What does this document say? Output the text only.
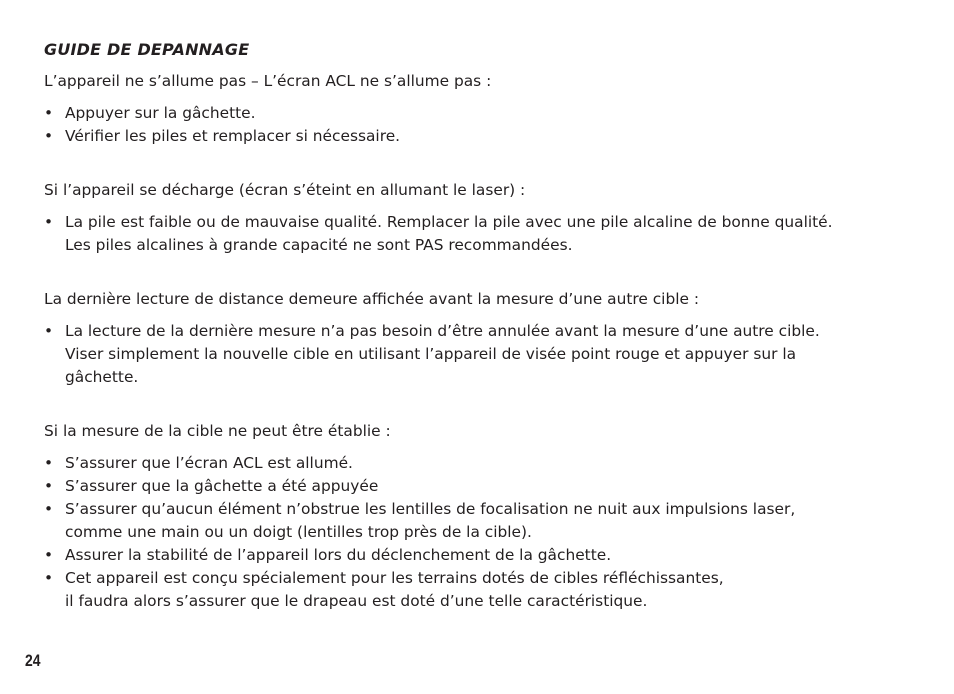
GUIDE DE DEPANNAGE
L’appareil ne s’allume pas – L’écran ACL ne s’allume pas :
• Appuyer sur la gâchette.
• Vérifier les piles et remplacer si nécessaire.
Si l’appareil se décharge (écran s’éteint en allumant le laser) :
• La pile est faible ou de mauvaise qualité. Remplacer la pile avec une pile alcaline de bonne qualité.
Les piles alcalines à grande capacité ne sont PAS recommandées.
La dernière lecture de distance demeure affichée avant la mesure d’une autre cible :
• La lecture de la dernière mesure n’a pas besoin d’être annulée avant la mesure d’une autre cible.
Viser simplement la nouvelle cible en utilisant l’appareil de visée point rouge et appuyer sur la
gâchette.
Si la mesure de la cible ne peut être établie :
• S’assurer que l’écran ACL est allumé.
• S’assurer que la gâchette a été appuyée
• S’assurer qu’aucun élément n’obstrue les lentilles de focalisation ne nuit aux impulsions laser,
comme une main ou un doigt (lentilles trop près de la cible).
• Assurer la stabilité de l’appareil lors du déclenchement de la gâchette.
• Cet appareil est conçu spécialement pour les terrains dotés de cibles réfléchissantes,
il faudra alors s’assurer que le drapeau est doté d’une telle caractéristique.
24
